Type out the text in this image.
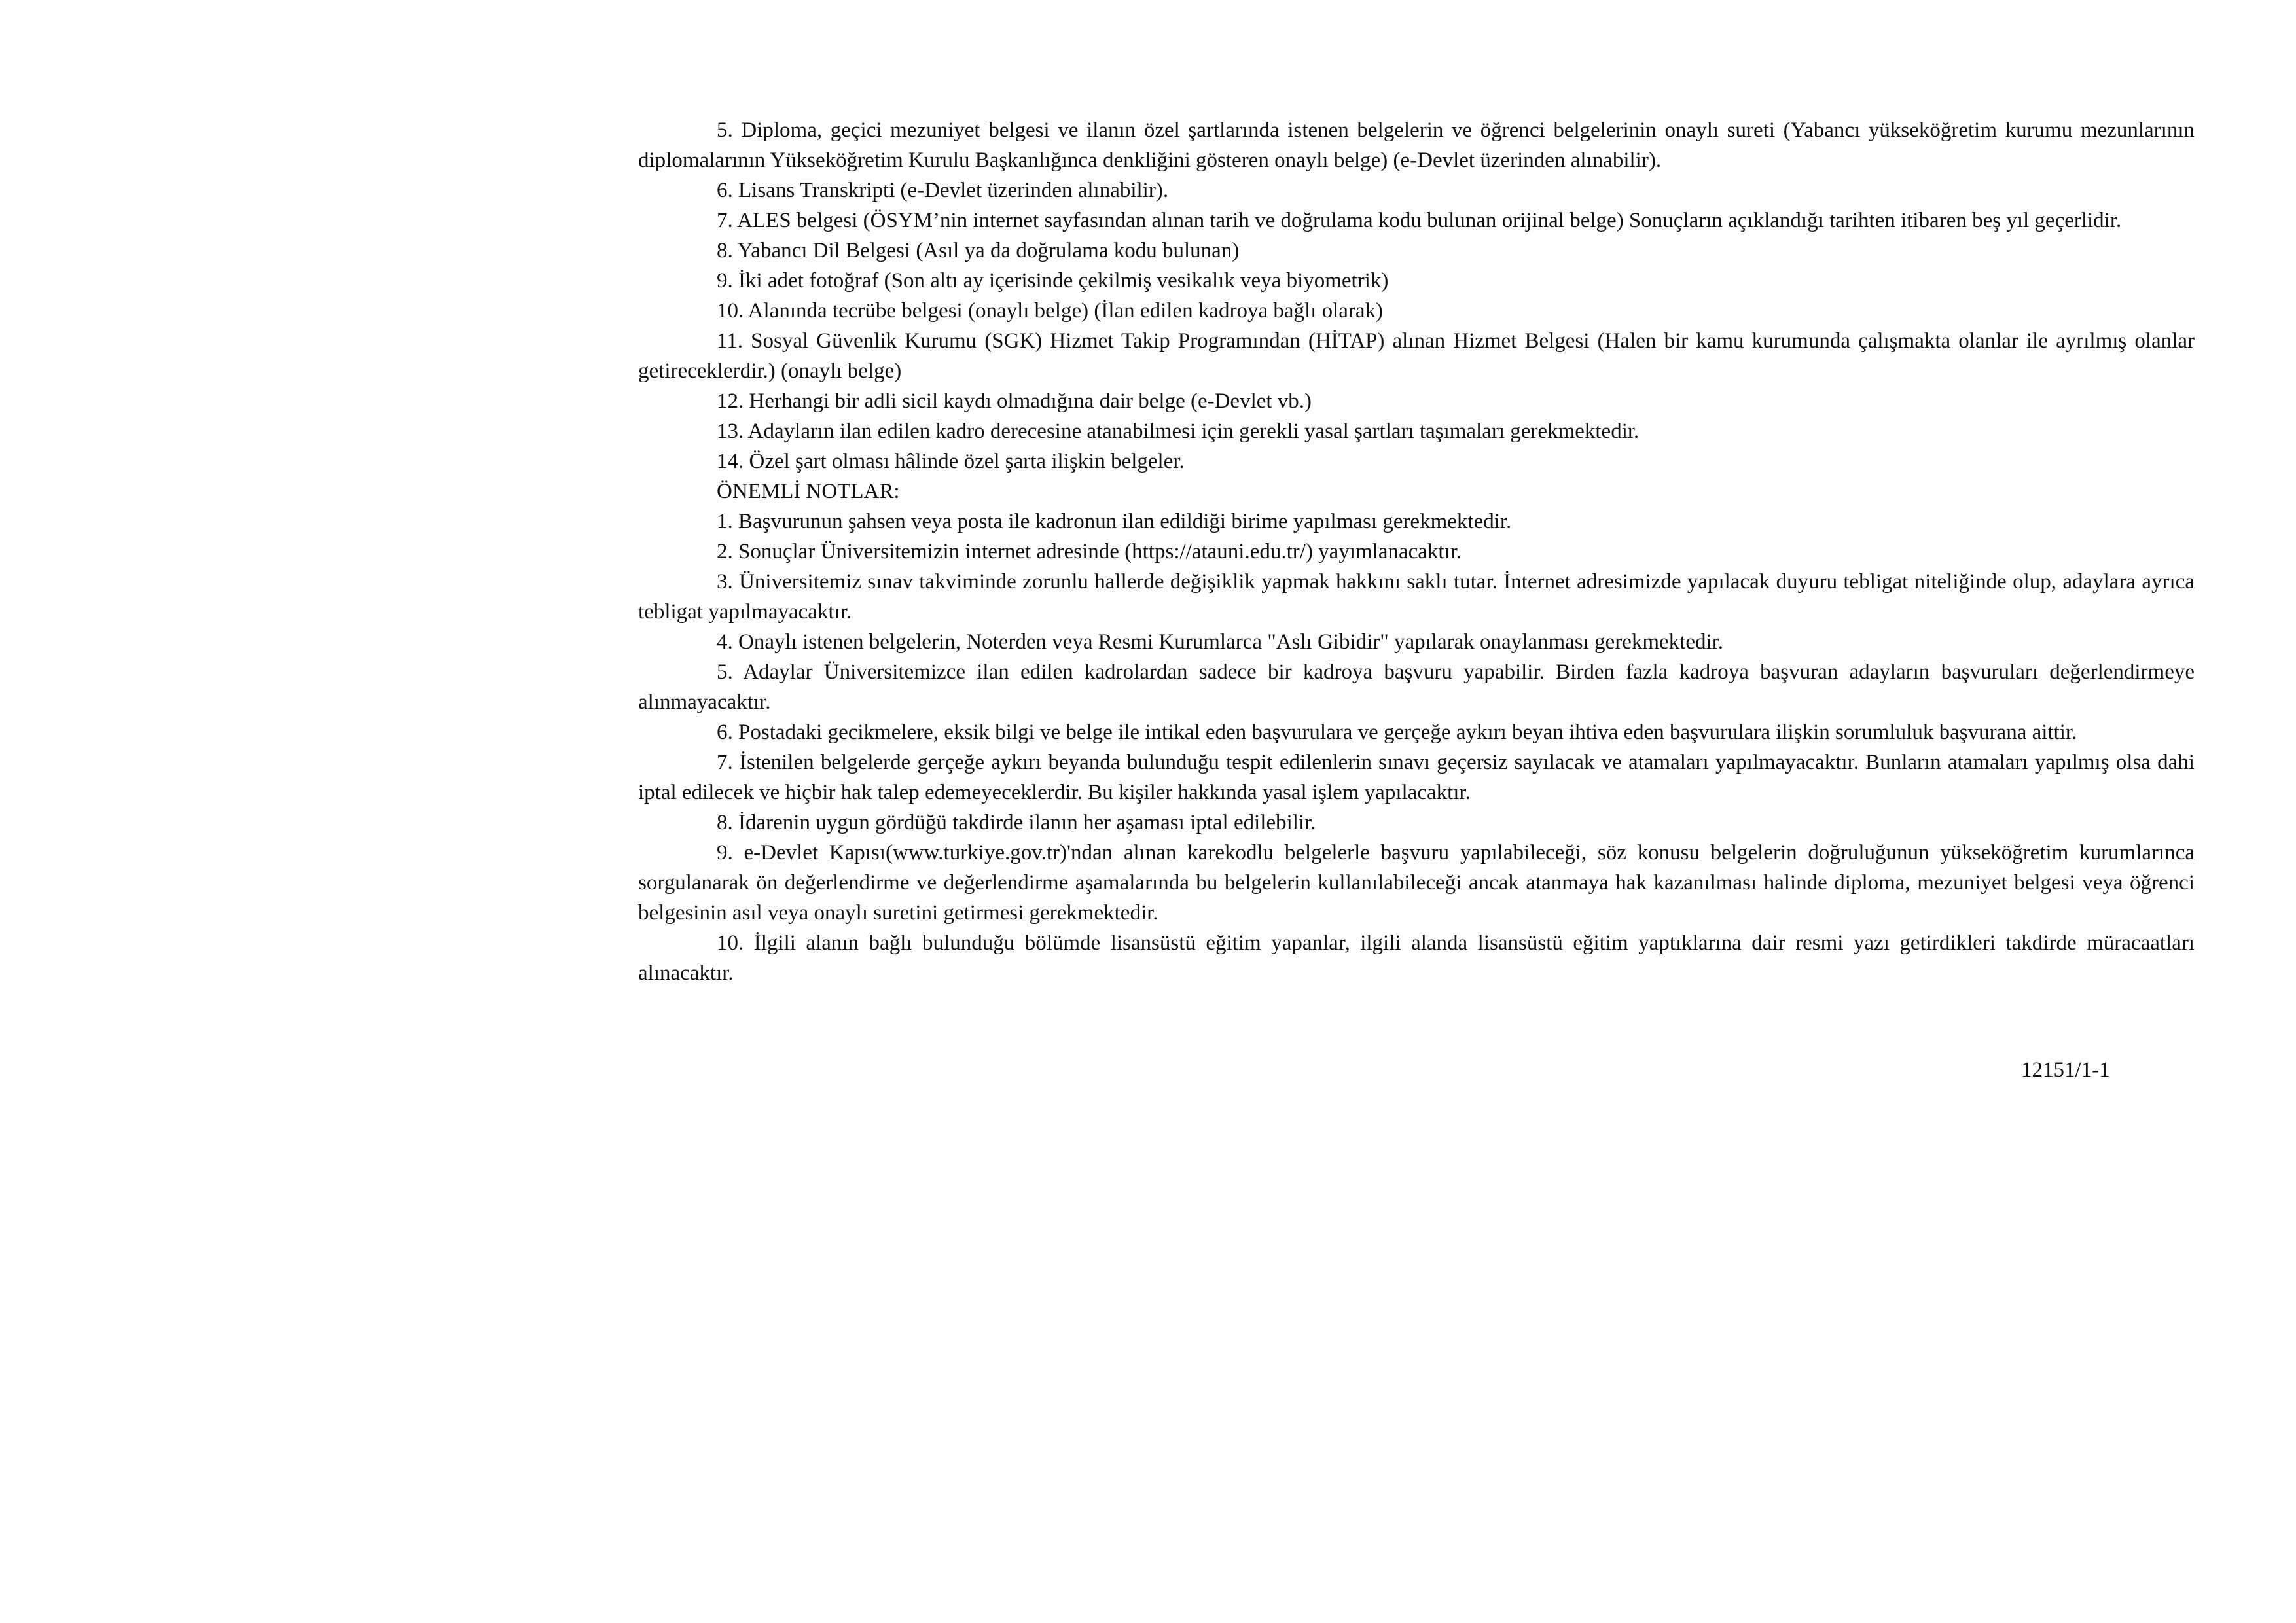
5. Diploma, geçici mezuniyet belgesi ve ilanın özel şartlarında istenen belgelerin ve öğrenci belgelerinin onaylı sureti (Yabancı yükseköğretim kurumu mezunlarının diplomalarının Yükseköğretim Kurulu Başkanlığınca denkliğini gösteren onaylı belge) (e-Devlet üzerinden alınabilir).

6. Lisans Transkripti (e-Devlet üzerinden alınabilir).

7. ALES belgesi (ÖSYM’nin internet sayfasından alınan tarih ve doğrulama kodu bulunan orijinal belge) Sonuçların açıklandığı tarihten itibaren beş yıl geçerlidir.

8. Yabancı Dil Belgesi (Asıl ya da doğrulama kodu bulunan)

9. İki adet fotoğraf (Son altı ay içerisinde çekilmiş vesikalık veya biyometrik)

10. Alanında tecrübe belgesi (onaylı belge) (İlan edilen kadroya bağlı olarak)

11. Sosyal Güvenlik Kurumu (SGK) Hizmet Takip Programından (HİTAP) alınan Hizmet Belgesi (Halen bir kamu kurumunda çalışmakta olanlar ile ayrılmış olanlar getireceklerdir.) (onaylı belge)

12. Herhangi bir adli sicil kaydı olmadığına dair belge (e-Devlet vb.)

13. Adayların ilan edilen kadro derecesine atanabilmesi için gerekli yasal şartları taşımaları gerekmektedir.

14. Özel şart olması hâlinde özel şarta ilişkin belgeler.

ÖNEMLİ NOTLAR:

1. Başvurunun şahsen veya posta ile kadronun ilan edildiği birime yapılması gerekmektedir.

2. Sonuçlar Üniversitemizin internet adresinde (https://atauni.edu.tr/) yayımlanacaktır.

3. Üniversitemiz sınav takviminde zorunlu hallerde değişiklik yapmak hakkını saklı tutar. İnternet adresimizde yapılacak duyuru tebligat niteliğinde olup, adaylara ayrıca tebligat yapılmayacaktır.

4. Onaylı istenen belgelerin, Noterden veya Resmi Kurumlarca "Aslı Gibidir" yapılarak onaylanması gerekmektedir.

5. Adaylar Üniversitemizce ilan edilen kadrolardan sadece bir kadroya başvuru yapabilir. Birden fazla kadroya başvuran adayların başvuruları değerlendirmeye alınmayacaktır.

6. Postadaki gecikmelere, eksik bilgi ve belge ile intikal eden başvurulara ve gerçeğe aykırı beyan ihtiva eden başvurulara ilişkin sorumluluk başvurana aittir.

7. İstenilen belgelerde gerçeğe aykırı beyanda bulunduğu tespit edilenlerin sınavı geçersiz sayılacak ve atamaları yapılmayacaktır. Bunların atamaları yapılmış olsa dahi iptal edilecek ve hiçbir hak talep edemeyeceklerdir. Bu kişiler hakkında yasal işlem yapılacaktır.

8. İdarenin uygun gördüğü takdirde ilanın her aşaması iptal edilebilir.

9. e-Devlet Kapısı(www.turkiye.gov.tr)'ndan alınan karekodlu belgelerle başvuru yapılabileceği, söz konusu belgelerin doğruluğunun yükseköğretim kurumlarınca sorgulanarak ön değerlendirme ve değerlendirme aşamalarında bu belgelerin kullanılabileceği ancak atanmaya hak kazanılması halinde diploma, mezuniyet belgesi veya öğrenci belgesinin asıl veya onaylı suretini getirmesi gerekmektedir.

10. İlgili alanın bağlı bulunduğu bölümde lisansüstü eğitim yapanlar, ilgili alanda lisansüstü eğitim yaptıklarına dair resmi yazı getirdikleri takdirde müracaatları alınacaktır.

12151/1-1
